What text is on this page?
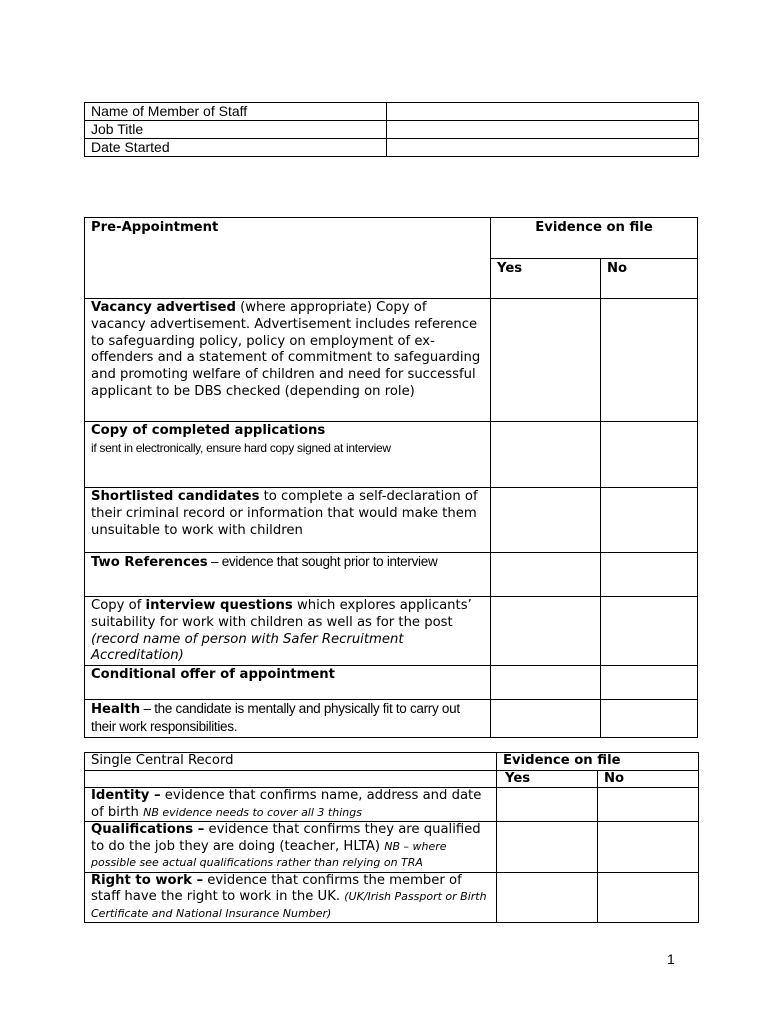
Name of Member of Staff	
Job Title	
Date Started	
Pre-Appointment	Evidence on file	
	Yes	No
Vacancy advertised (where appropriate) Copy of vacancy advertisement. Advertisement includes reference to safeguarding policy, policy on employment of ex-offenders and a statement of commitment to safeguarding and promoting welfare of children and need for successful applicant to be DBS checked (depending on role)		
Copy of completed applications
if sent in electronically, ensure hard copy signed at interview		
Shortlisted candidates to complete a self-declaration of their criminal record or information that would make them unsuitable to work with children		
Two References – evidence that sought prior to interview		
Copy of interview questions which explores applicants’ suitability for work with children as well as for the post (record name of person with Safer Recruitment Accreditation)		
Conditional offer of appointment		
Health – the candidate is mentally and physically fit to carry out their work responsibilities.		
Single Central Record	Evidence on file	
	Yes	No
Identity – evidence that confirms name, address and date of birth NB evidence needs to cover all 3 things		
Qualifications – evidence that confirms they are qualified to do the job they are doing (teacher, HLTA) NB – where possible see actual qualifications rather than relying on TRA		
Right to work – evidence that confirms the member of staff have the right to work in the UK. (UK/Irish Passport or Birth Certificate and National Insurance Number)		
1
